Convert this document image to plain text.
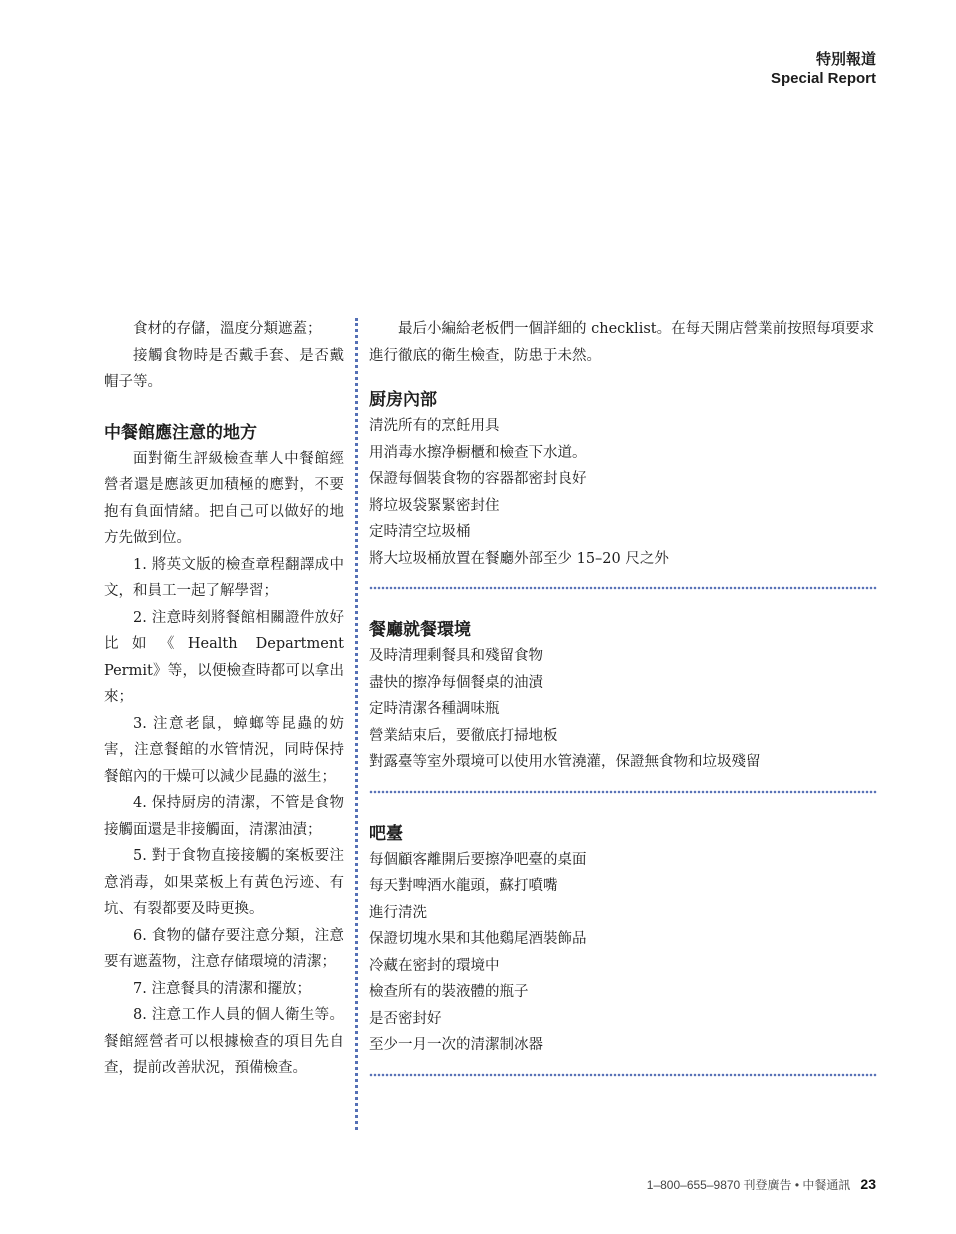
特別報道
Special Report

食材的存儲，溫度分類遮蓋；

接觸食物時是否戴手套、是否戴帽子等。

中餐館應注意的地方

面對衛生評級檢查華人中餐館經營者還是應該更加積極的應對，不要抱有負面情緒。把自己可以做好的地方先做到位。

1. 將英文版的檢查章程翻譯成中文，和員工一起了解學習；

2. 注意時刻將餐館相關證件放好比如《Health Department Permit》等，以便檢查時都可以拿出來；

3. 注意老鼠，蟑螂等昆蟲的妨害，注意餐館的水管情況，同時保持餐館內的干燥可以減少昆蟲的滋生；

4. 保持厨房的清潔，不管是食物接觸面還是非接觸面，清潔油漬；

5. 對于食物直接接觸的案板要注意消毒，如果菜板上有黃色污迹、有坑、有裂都要及時更換。

6. 食物的儲存要注意分類，注意要有遮蓋物，注意存储環境的清潔；

7. 注意餐具的清潔和擺放；

8. 注意工作人員的個人衛生等。餐館經營者可以根據檢查的項目先自查，提前改善狀況，預備檢查。

最后小編給老板們一個詳細的 checklist。在每天開店營業前按照每項要求進行徹底的衛生檢查，防患于未然。

厨房內部
清洗所有的烹飪用具
用消毒水擦净橱櫃和檢查下水道。
保證每個裝食物的容器都密封良好
將垃圾袋緊緊密封住
定時清空垃圾桶
將大垃圾桶放置在餐廳外部至少 15–20 尺之外
餐廳就餐環境
及時清理剩餐具和殘留食物
盡快的擦净每個餐桌的油漬
定時清潔各種調味瓶
營業結束后，要徹底打掃地板
對露臺等室外環境可以使用水管澆灌，保證無食物和垃圾殘留
吧臺
每個顧客離開后要擦净吧臺的桌面
每天對啤酒水龍頭，蘇打噴嘴
進行清洗
保證切塊水果和其他鷄尾酒裝飾品
冷藏在密封的環境中
檢查所有的裝液體的瓶子
是否密封好
至少一月一次的清潔制冰器
1–800–655–9870 刊登廣告 • 中餐通訊 23
